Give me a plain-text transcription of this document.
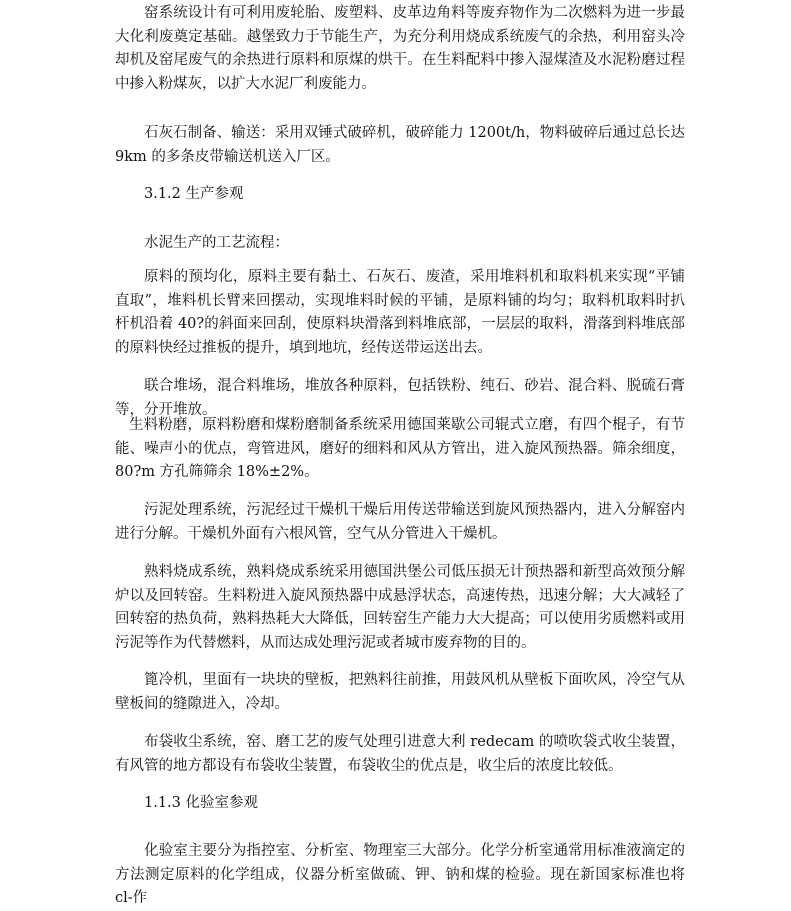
窑系统设计有可利用废轮胎、废塑料、皮革边角料等废弃物作为二次燃料为进一步最大化利废奠定基础。越堡致力于节能生产，为充分利用烧成系统废气的余热，利用窑头冷却机及窑尾废气的余热进行原料和原煤的烘干。在生料配料中掺入湿煤渣及水泥粉磨过程中掺入粉煤灰，以扩大水泥厂利废能力。

石灰石制备、输送：采用双锤式破碎机，破碎能力 1200t/h，物料破碎后通过总长达 9km 的多条皮带输送机送入厂区。

3.1.2 生产参观

水泥生产的工艺流程：

原料的预均化，原料主要有黏土、石灰石、废渣，采用堆料机和取料机来实现“平铺直取”，堆料机长臂来回摆动，实现堆料时候的平铺，是原料铺的均匀；取料机取料时扒杆机沿着 40?的斜面来回刮，使原料块滑落到料堆底部，一层层的取料，滑落到料堆底部的原料快经过推板的提升，填到地坑，经传送带运送出去。

联合堆场，混合料堆场，堆放各种原料，包括铁粉、纯石、砂岩、混合料、脱硫石膏等，分开堆放。

生料粉磨，原料粉磨和煤粉磨制备系统采用德国莱歇公司辊式立磨，有四个棍子，有节能、噪声小的优点，弯管进风，磨好的细料和风从方管出，进入旋风预热器。筛余细度，80?m 方孔筛筛余 18%±2%。

污泥处理系统，污泥经过干燥机干燥后用传送带输送到旋风预热器内，进入分解窑内进行分解。干燥机外面有六根风管，空气从分管进入干燥机。

熟料烧成系统，熟料烧成系统采用德国洪堡公司低压损无计预热器和新型高效预分解炉以及回转窑。生料粉进入旋风预热器中成悬浮状态，高速传热，迅速分解；大大减轻了回转窑的热负荷，熟料热耗大大降低，回转窑生产能力大大提高；可以使用劣质燃料或用污泥等作为代替燃料，从而达成处理污泥或者城市废弃物的目的。

篦冷机，里面有一块块的壁板，把熟料往前推，用鼓风机从壁板下面吹风，冷空气从壁板间的缝隙进入，冷却。

布袋收尘系统，窑、磨工艺的废气处理引进意大利 redecam 的喷吹袋式收尘装置，有风管的地方都设有布袋收尘装置，布袋收尘的优点是，收尘后的浓度比较低。

1.1.3 化验室参观

化验室主要分为指控室、分析室、物理室三大部分。化学分析室通常用标准液滴定的方法测定原料的化学组成，仪器分析室做硫、钾、钠和煤的检验。现在新国家标准也将 cl-作
